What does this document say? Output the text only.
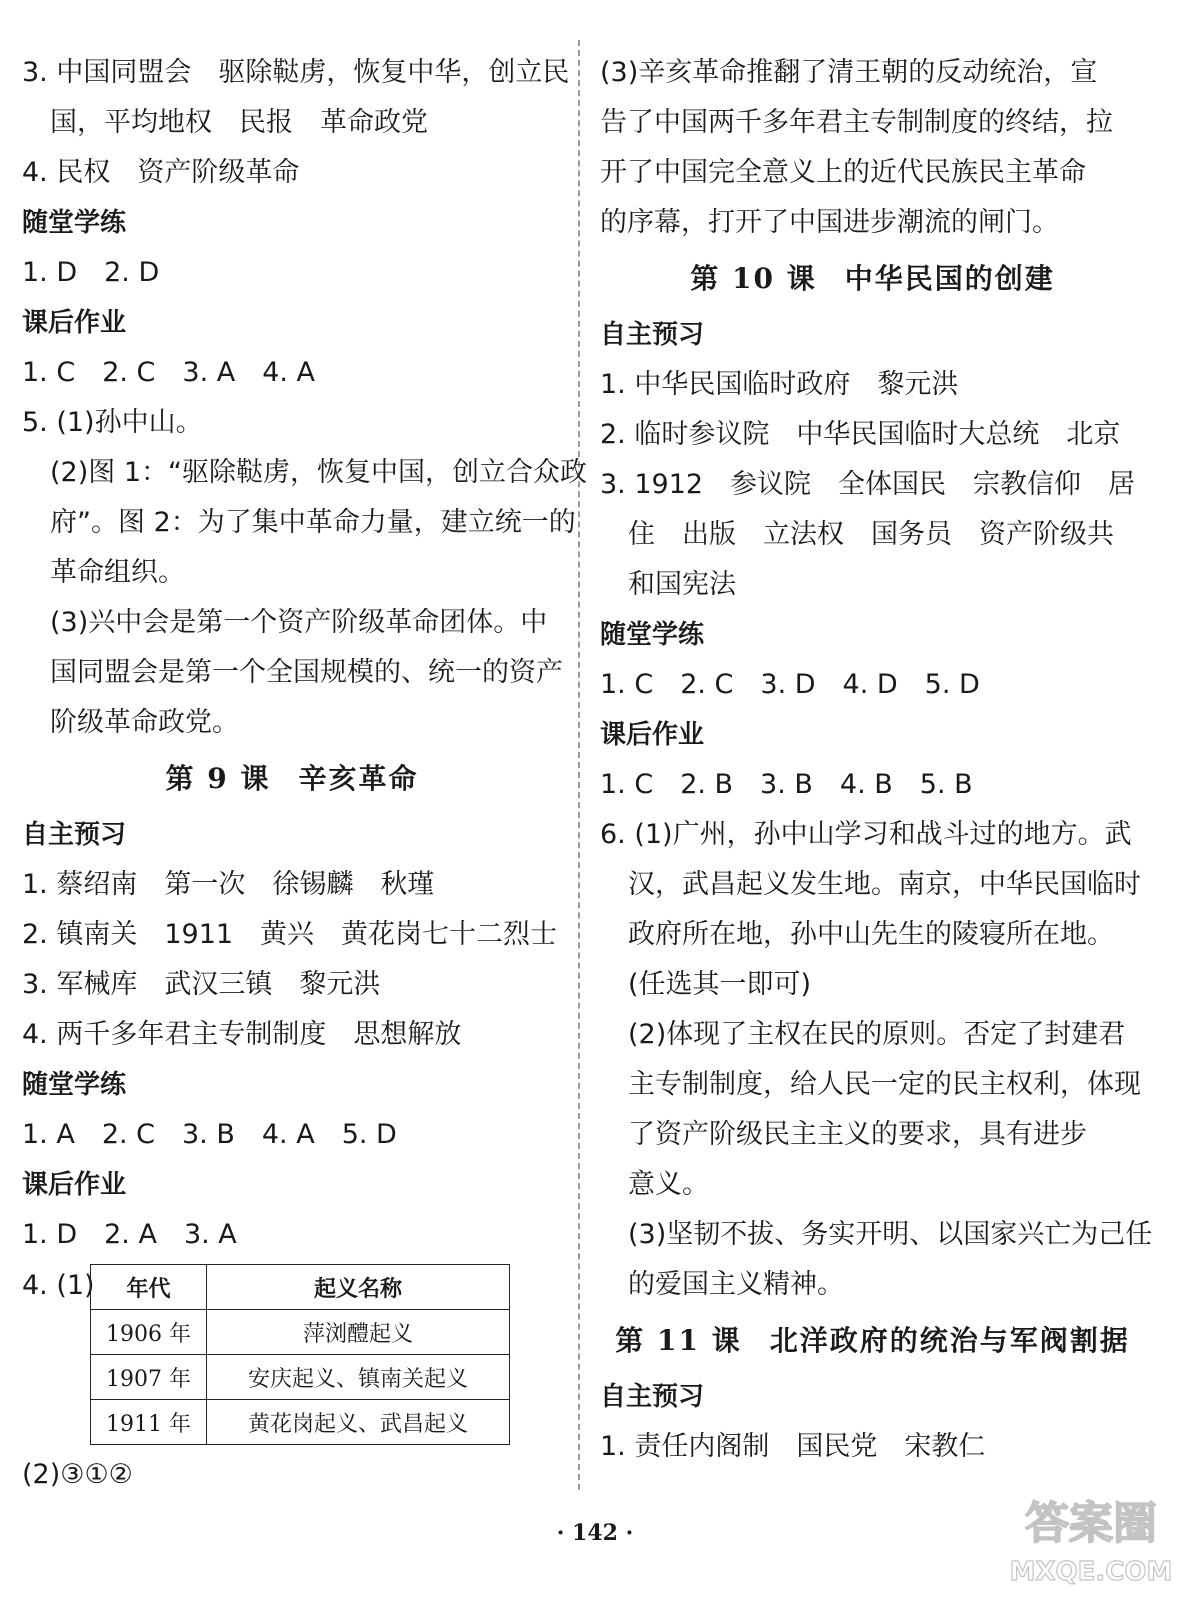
3. 中国同盟会　驱除鞑虏，恢复中华，创立民
国，平均地权　民报　革命政党
4. 民权　资产阶级革命
随堂学练
1. D　2. D
课后作业
1. C　2. C　3. A　4. A
5. (1)孙中山。
(2)图 1：“驱除鞑虏，恢复中国，创立合众政
府”。图 2：为了集中革命力量，建立统一的
革命组织。
(3)兴中会是第一个资产阶级革命团体。中
国同盟会是第一个全国规模的、统一的资产
阶级革命政党。
第 9 课 辛亥革命
自主预习
1. 蔡绍南　第一次　徐锡麟　秋瑾
2. 镇南关　1911　黄兴　黄花岗七十二烈士
3. 军械库　武汉三镇　黎元洪
4. 两千多年君主专制制度　思想解放
随堂学练
1. A　2. C　3. B　4. A　5. D
课后作业
1. D　2. A　3. A
4. (1) 年代	起义名称
1906 年	萍浏醴起义
1907 年	安庆起义、镇南关起义
1911 年	黄花岗起义、武昌起义
(2)③①②
(3)辛亥革命推翻了清王朝的反动统治，宣
告了中国两千多年君主专制制度的终结，拉
开了中国完全意义上的近代民族民主革命
的序幕，打开了中国进步潮流的闸门。
第 10 课 中华民国的创建
自主预习
1. 中华民国临时政府　黎元洪
2. 临时参议院　中华民国临时大总统　北京
3. 1912　参议院　全体国民　宗教信仰　居
住　出版　立法权　国务员　资产阶级共
和国宪法
随堂学练
1. C　2. C　3. D　4. D　5. D
课后作业
1. C　2. B　3. B　4. B　5. B
6. (1)广州，孙中山学习和战斗过的地方。武
汉，武昌起义发生地。南京，中华民国临时
政府所在地，孙中山先生的陵寝所在地。
(任选其一即可)
(2)体现了主权在民的原则。否定了封建君
主专制制度，给人民一定的民主权利，体现
了资产阶级民主主义的要求，具有进步
意义。
(3)坚韧不拔、务实开明、以国家兴亡为己任
的爱国主义精神。
第 11 课 北洋政府的统治与军阀割据
自主预习
1. 责任内阁制　国民党　宋教仁
· 142 ·	答案圈
MXQE.COM
